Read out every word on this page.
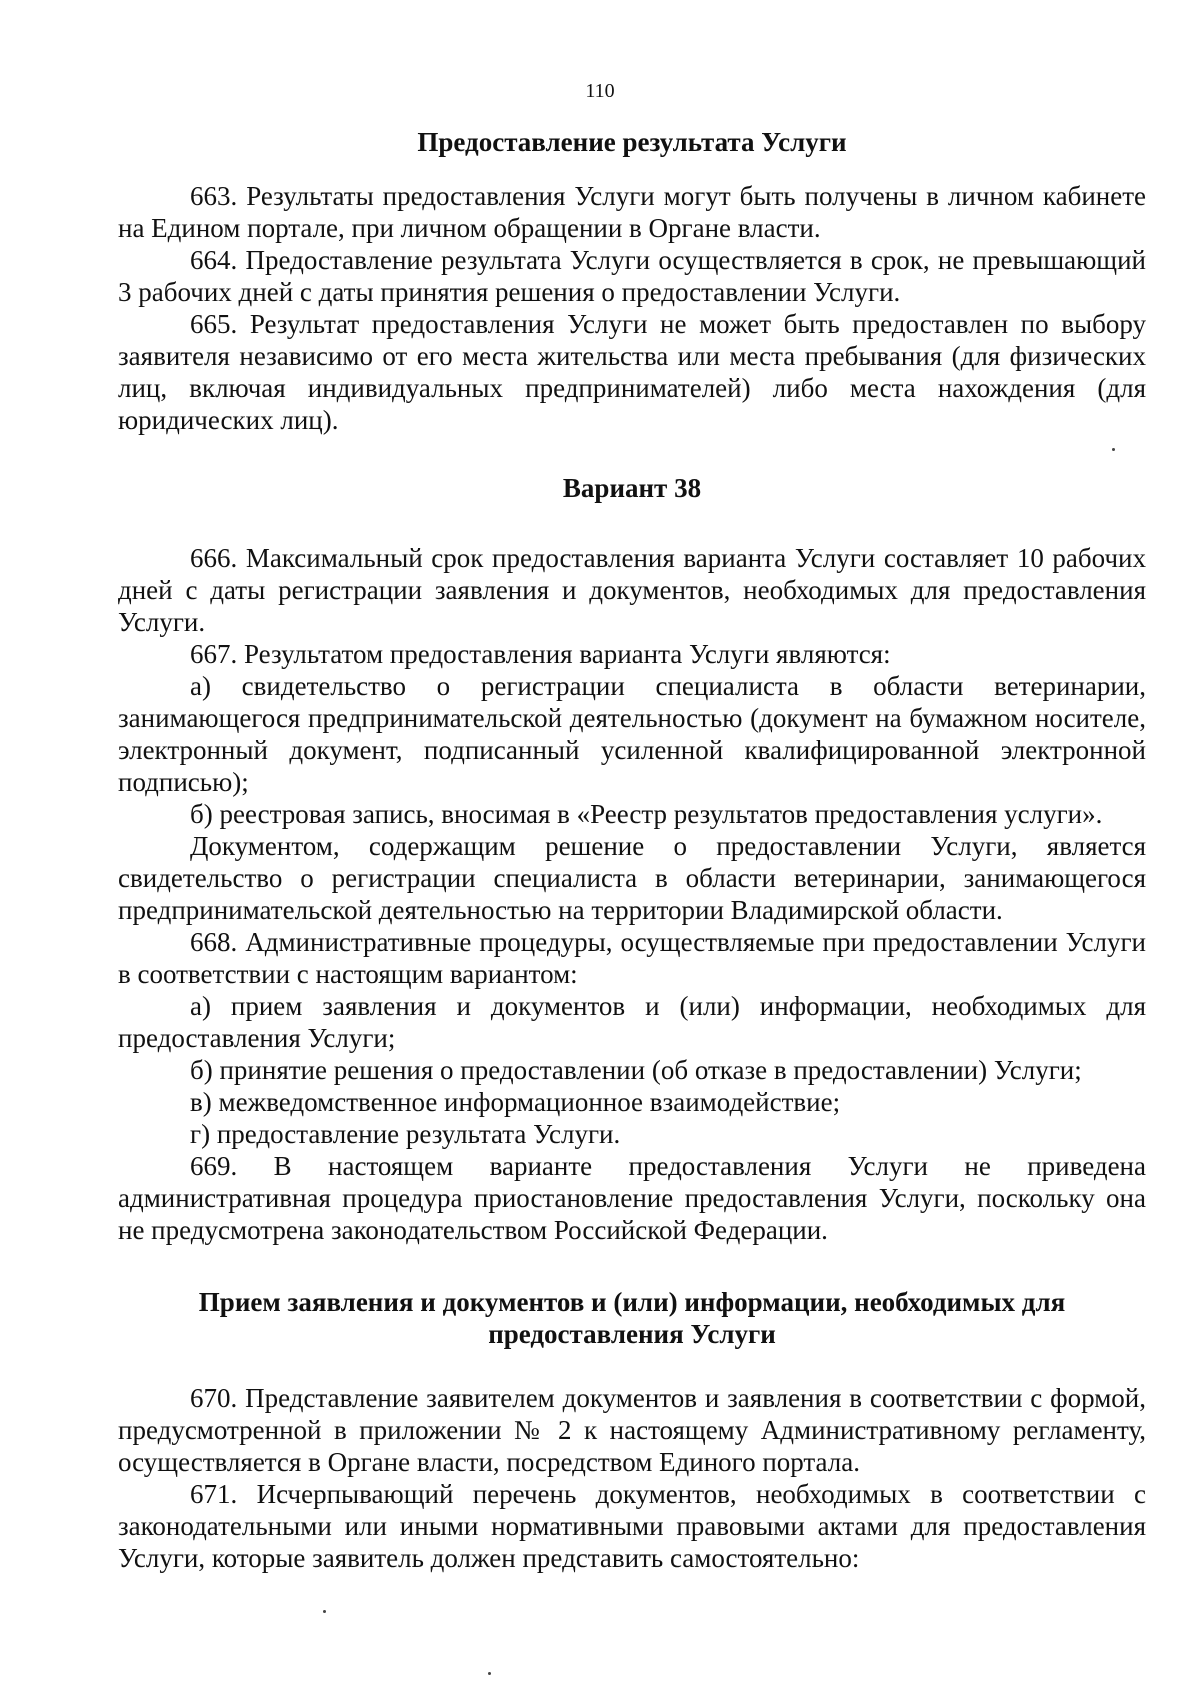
110
Предоставление результата Услуги

663. Результаты предоставления Услуги могут быть получены в личном кабинете на Едином портале, при личном обращении в Органе власти.

664. Предоставление результата Услуги осуществляется в срок, не превышающий 3 рабочих дней с даты принятия решения о предоставлении Услуги.

665. Результат предоставления Услуги не может быть предоставлен по выбору заявителя независимо от его места жительства или места пребывания (для физических лиц, включая индивидуальных предпринимателей) либо места нахождения (для юридических лиц).

Вариант 38

666. Максимальный срок предоставления варианта Услуги составляет 10 рабочих дней с даты регистрации заявления и документов, необходимых для предоставления Услуги.

667. Результатом предоставления варианта Услуги являются:

а) свидетельство о регистрации специалиста в области ветеринарии, занимающегося предпринимательской деятельностью (документ на бумажном носителе, электронный документ, подписанный усиленной квалифицированной электронной подписью);

б) реестровая запись, вносимая в «Реестр результатов предоставления услуги».

Документом, содержащим решение о предоставлении Услуги, является свидетельство о регистрации специалиста в области ветеринарии, занимающегося предпринимательской деятельностью на территории Владимирской области.

668. Административные процедуры, осуществляемые при предоставлении Услуги в соответствии с настоящим вариантом:

а) прием заявления и документов и (или) информации, необходимых для предоставления Услуги;

б) принятие решения о предоставлении (об отказе в предоставлении) Услуги;

в) межведомственное информационное взаимодействие;

г) предоставление результата Услуги.

669. В настоящем варианте предоставления Услуги не приведена административная процедура приостановление предоставления Услуги, поскольку она не предусмотрена законодательством Российской Федерации.

Прием заявления и документов и (или) информации, необходимых для
предоставления Услуги

670. Представление заявителем документов и заявления в соответствии с формой, предусмотренной в приложении № 2 к настоящему Административному регламенту, осуществляется в Органе власти, посредством Единого портала.

671. Исчерпывающий перечень документов, необходимых в соответствии с законодательными или иными нормативными правовыми актами для предоставления Услуги, которые заявитель должен представить самостоятельно:
